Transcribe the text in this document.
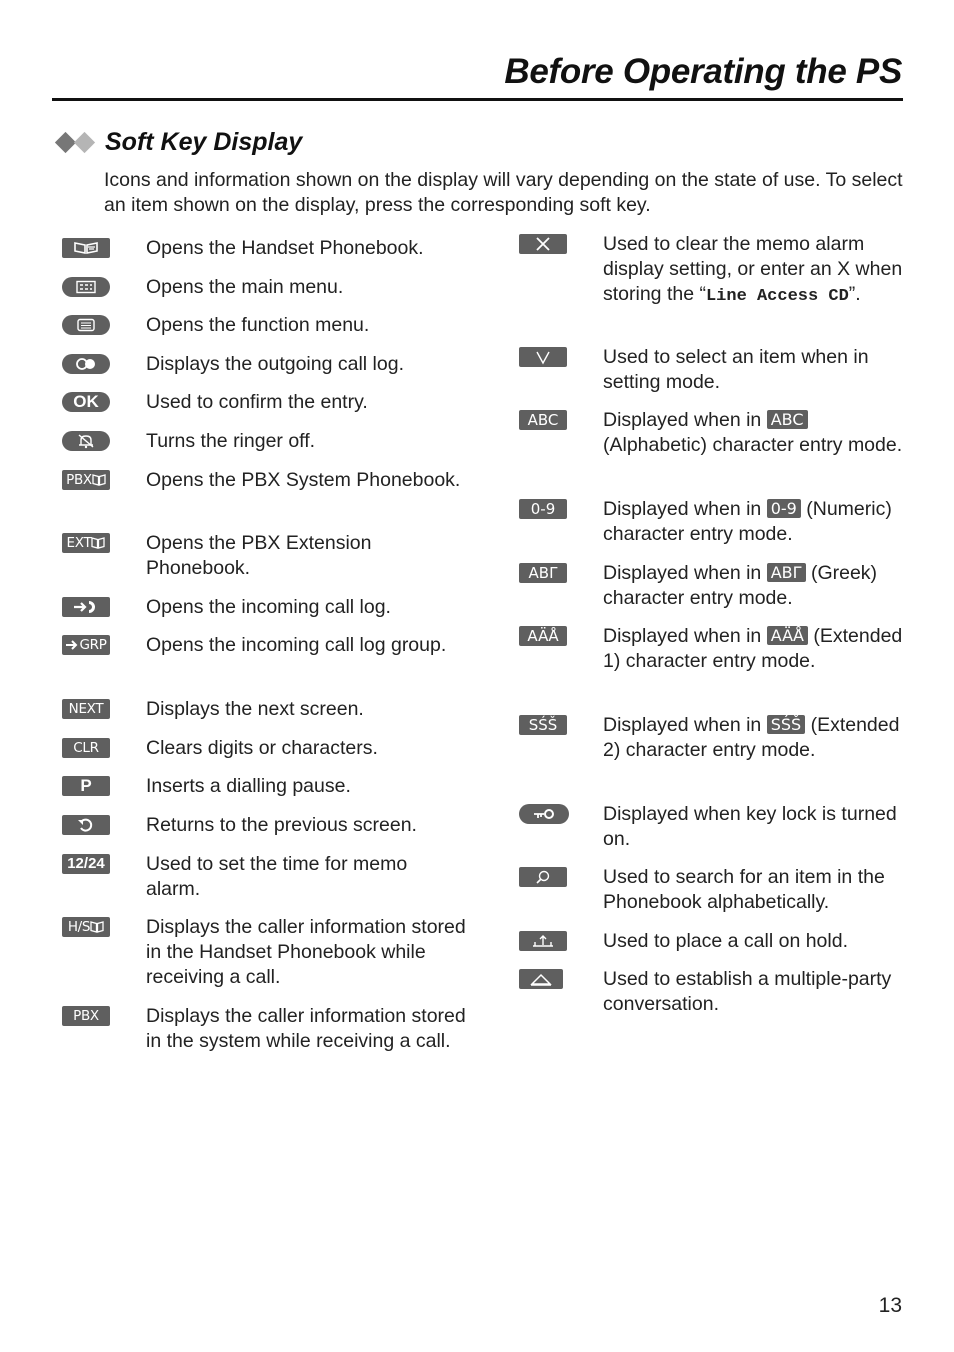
Before Operating the PS
Soft Key Display

Icons and information shown on the display will vary depending on the state of use. To select an item shown on the display, press the corresponding soft key.

Opens the Handset Phonebook.

Opens the main menu.

Opens the function menu.

Displays the outgoing call log.

OK	Used to confirm the entry.

Turns the ringer off.

PBX	Opens the PBX System Phonebook.

EXT	Opens the PBX Extension Phonebook.

Opens the incoming call log.

GRP Opens the incoming call log group.

NEXT	Displays the next screen.

CLR	Clears digits or characters.

P	Inserts a dialling pause.

Returns to the previous screen.

12/24 Used to set the time for memo alarm.

H/S	Displays the caller information stored in the Handset Phonebook while receiving a call.

PBX	Displays the caller information stored in the system while receiving a call.

Used to clear the memo alarm display setting, or enter an X when storing the “Line Access CD”.

Used to select an item when in setting mode.

ABC	Displayed when in ABC (Alphabetic) character entry mode.

0-9	Displayed when in 0-9 (Numeric) character entry mode.

ΑΒΓ	Displayed when in ΑΒΓ (Greek) character entry mode.

AÄÅ	Displayed when in AÄÅ (Extended 1) character entry mode.

SŚŠ	Displayed when in SŚŠ (Extended 2) character entry mode.

Displayed when key lock is turned on.

Used to search for an item in the Phonebook alphabetically.

Used to place a call on hold.

Used to establish a multiple-party conversation.

13
